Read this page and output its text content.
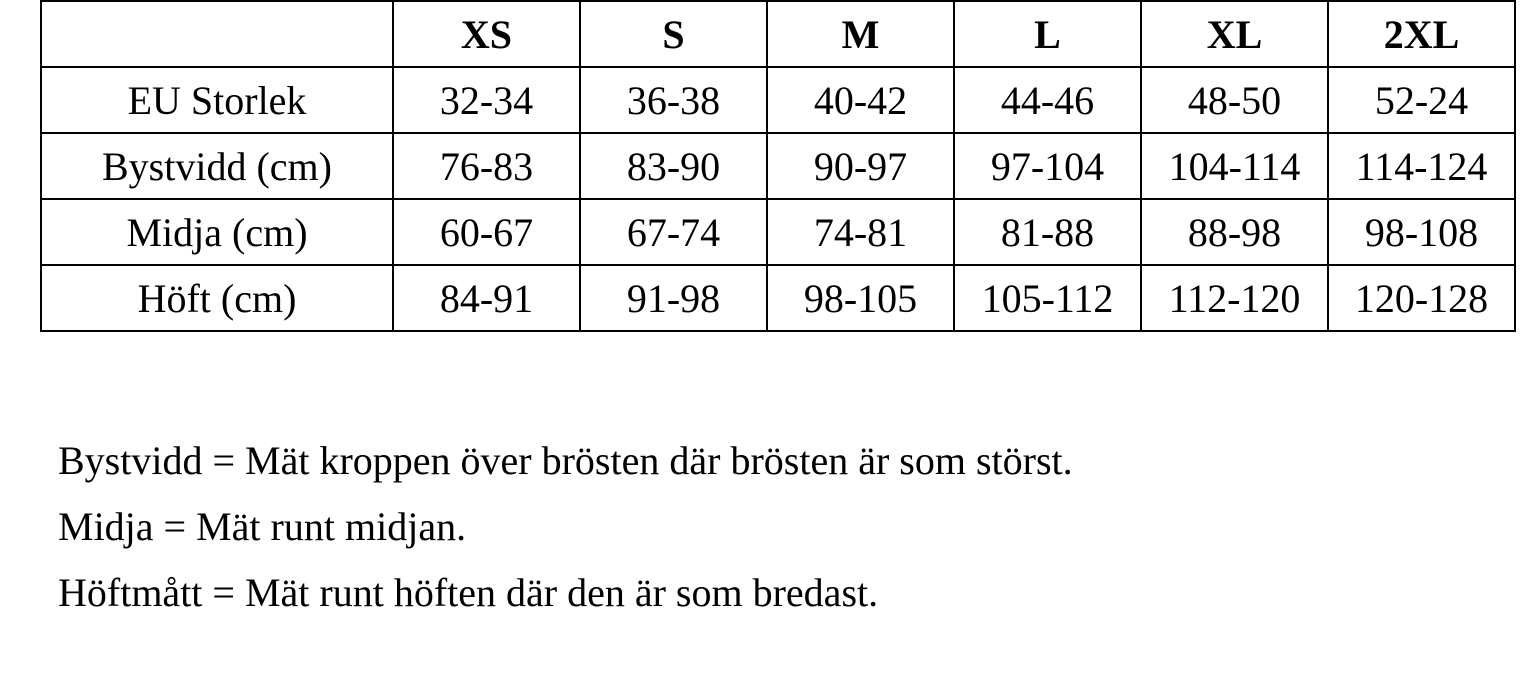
	XS	S	M	L	XL	2XL
EU Storlek	32-34	36-38	40-42	44-46	48-50	52-24
Bystvidd (cm)	76-83	83-90	90-97	97-104	104-114	114-124
Midja (cm)	60-67	67-74	74-81	81-88	88-98	98-108
Höft (cm)	84-91	91-98	98-105	105-112	112-120	120-128

Bystvidd = Mät kroppen över brösten där brösten är som störst.

Midja = Mät runt midjan.

Höftmått = Mät runt höften där den är som bredast.
